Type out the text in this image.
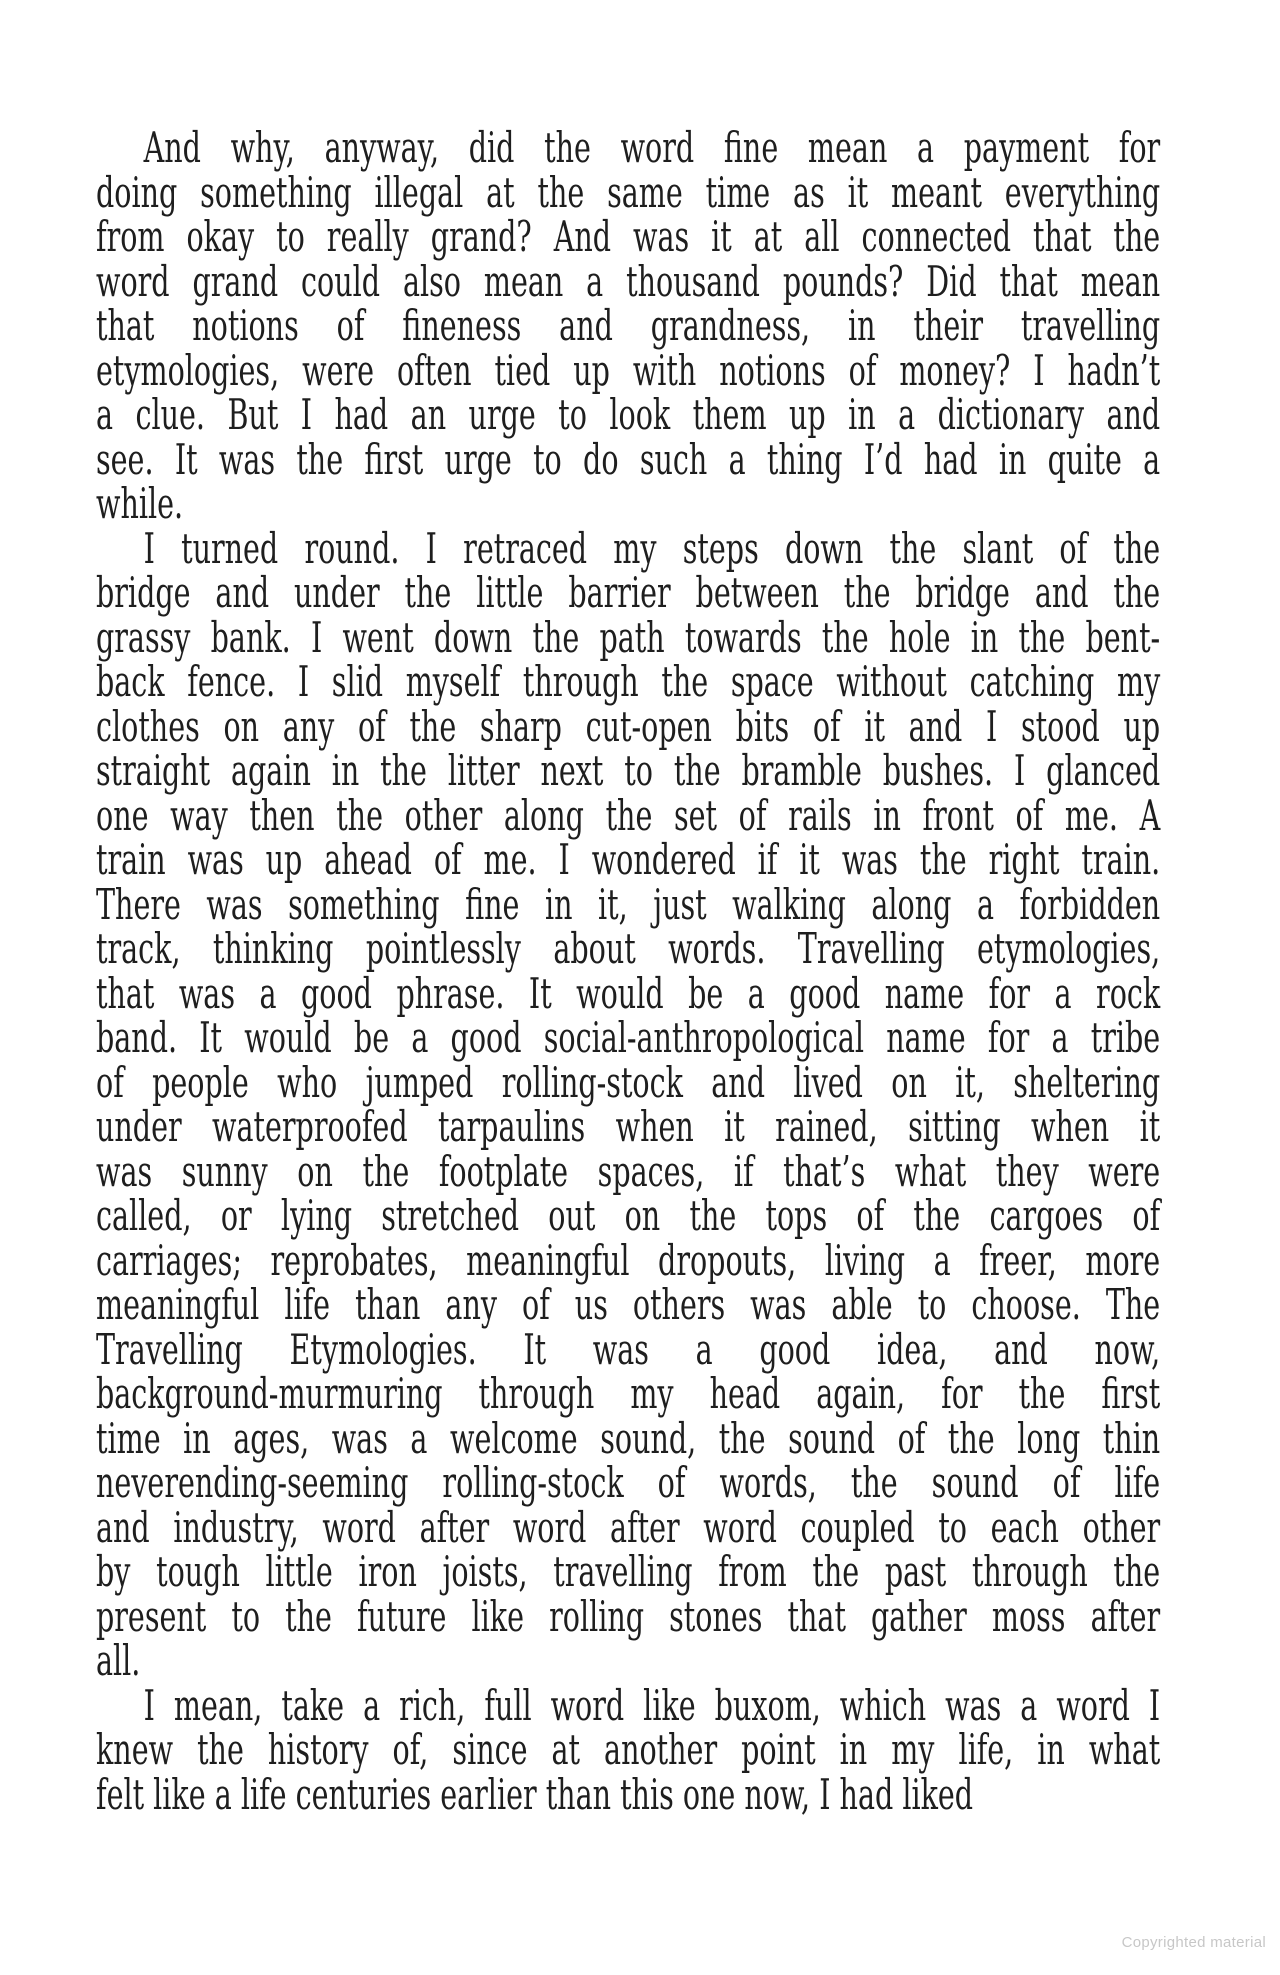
And why, anyway, did the word fine mean a payment for
doing something illegal at the same time as it meant everything
from okay to really grand? And was it at all connected that the
word grand could also mean a thousand pounds? Did that mean
that notions of fineness and grandness, in their travelling
etymologies, were often tied up with notions of money? I hadn’t
a clue. But I had an urge to look them up in a dictionary and
see. It was the first urge to do such a thing I’d had in quite a
while.
I turned round. I retraced my steps down the slant of the
bridge and under the little barrier between the bridge and the
grassy bank. I went down the path towards the hole in the bent-
back fence. I slid myself through the space without catching my
clothes on any of the sharp cut-open bits of it and I stood up
straight again in the litter next to the bramble bushes. I glanced
one way then the other along the set of rails in front of me. A
train was up ahead of me. I wondered if it was the right train.
There was something fine in it, just walking along a forbidden
track, thinking pointlessly about words. Travelling etymologies,
that was a good phrase. It would be a good name for a rock
band. It would be a good social-anthropological name for a tribe
of people who jumped rolling-stock and lived on it, sheltering
under waterproofed tarpaulins when it rained, sitting when it
was sunny on the footplate spaces, if that’s what they were
called, or lying stretched out on the tops of the cargoes of
carriages; reprobates, meaningful dropouts, living a freer, more
meaningful life than any of us others was able to choose. The
Travelling Etymologies. It was a good idea, and now,
background-murmuring through my head again, for the first
time in ages, was a welcome sound, the sound of the long thin
neverending-seeming rolling-stock of words, the sound of life
and industry, word after word after word coupled to each other
by tough little iron joists, travelling from the past through the
present to the future like rolling stones that gather moss after
all.
I mean, take a rich, full word like buxom, which was a word I
knew the history of, since at another point in my life, in what
felt like a life centuries earlier than this one now, I had liked
Copyrighted material
